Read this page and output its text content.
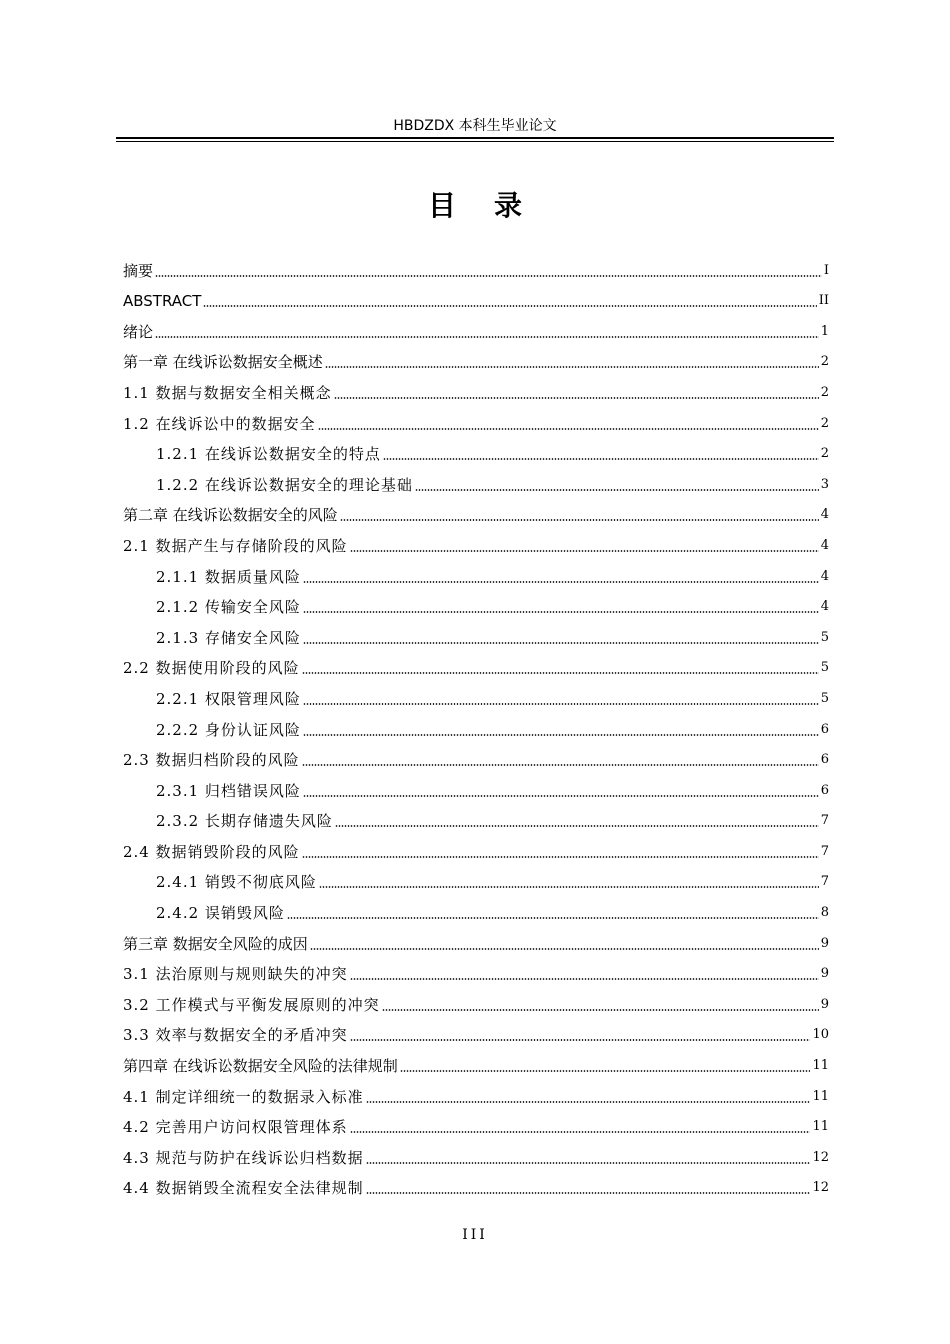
HBDZDX 本科生毕业论文
目录
摘要	I
ABSTRACT	II
绪论	1
第一章 在线诉讼数据安全概述	2
1.1 数据与数据安全相关概念	2
1.2 在线诉讼中的数据安全	2
1.2.1 在线诉讼数据安全的特点	2
1.2.2 在线诉讼数据安全的理论基础	3
第二章 在线诉讼数据安全的风险	4
2.1 数据产生与存储阶段的风险	4
2.1.1 数据质量风险	4
2.1.2 传输安全风险	4
2.1.3 存储安全风险	5
2.2 数据使用阶段的风险	5
2.2.1 权限管理风险	5
2.2.2 身份认证风险	6
2.3 数据归档阶段的风险	6
2.3.1 归档错误风险	6
2.3.2 长期存储遗失风险	7
2.4 数据销毁阶段的风险	7
2.4.1 销毁不彻底风险	7
2.4.2 误销毁风险	8
第三章 数据安全风险的成因	9
3.1 法治原则与规则缺失的冲突	9
3.2 工作模式与平衡发展原则的冲突	9
3.3 效率与数据安全的矛盾冲突	10
第四章 在线诉讼数据安全风险的法律规制	11
4.1 制定详细统一的数据录入标准	11
4.2 完善用户访问权限管理体系	11
4.3 规范与防护在线诉讼归档数据	12
4.4 数据销毁全流程安全法律规制	12
III
